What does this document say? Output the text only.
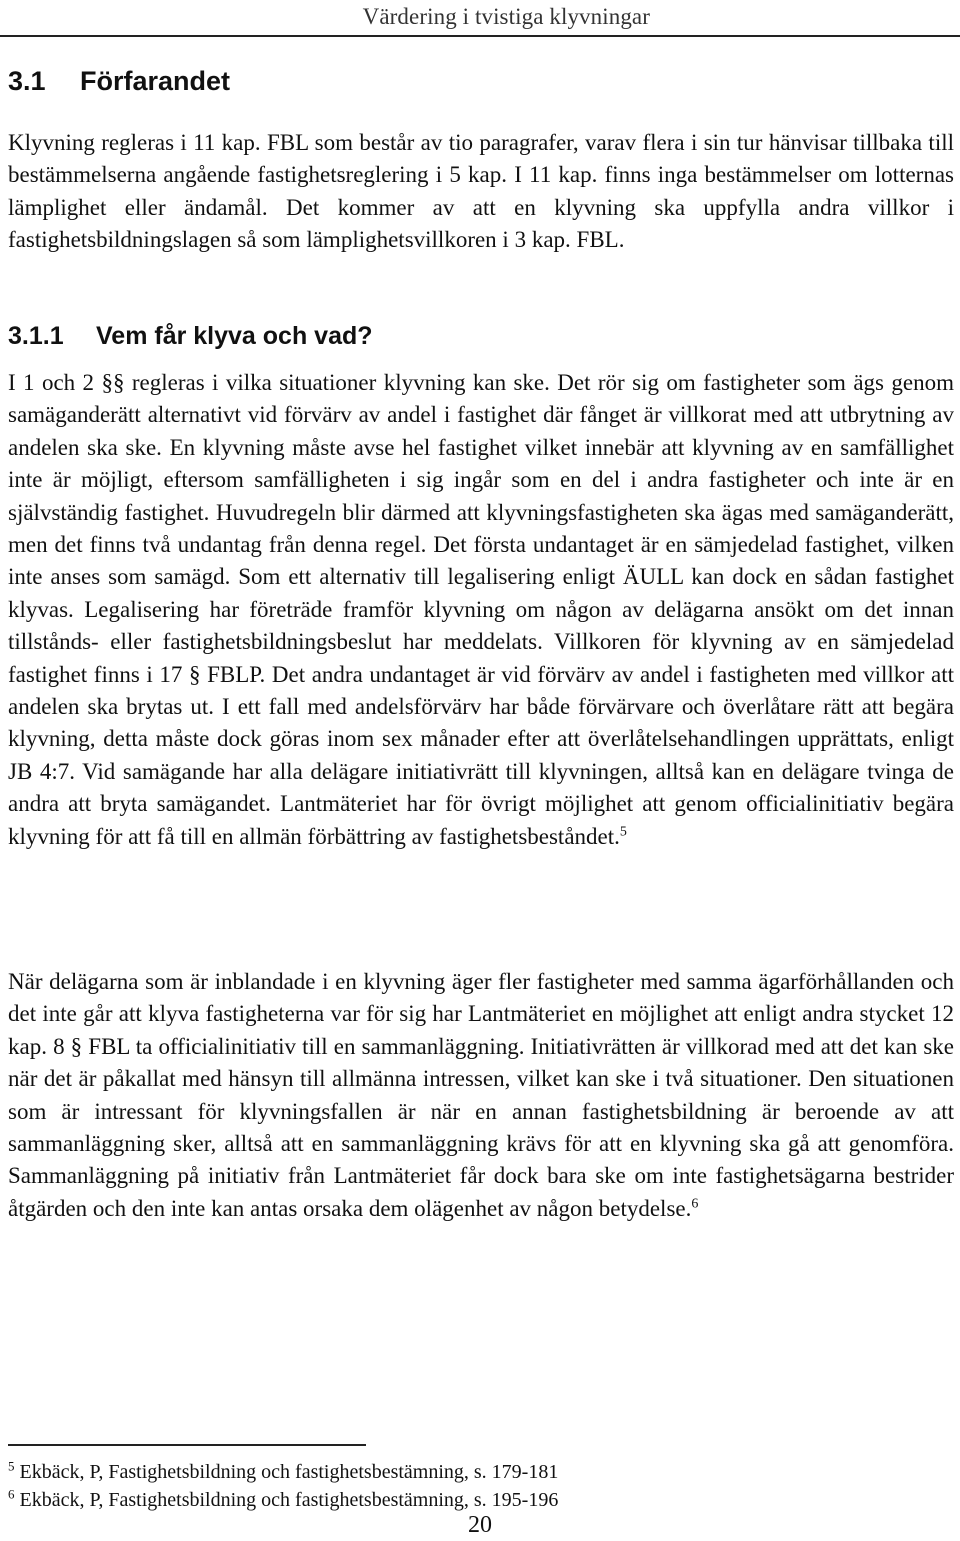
Värdering i tvistiga klyvningar
3.1 Förfarandet

Klyvning regleras i 11 kap. FBL som består av tio paragrafer, varav flera i sin tur hänvisar tillbaka till bestämmelserna angående fastighetsreglering i 5 kap. I 11 kap. finns inga bestämmelser om lotternas lämplighet eller ändamål. Det kommer av att en klyvning ska uppfylla andra villkor i fastighetsbildningslagen så som lämplighetsvillkoren i 3 kap. FBL.

3.1.1 Vem får klyva och vad?

I 1 och 2 §§ regleras i vilka situationer klyvning kan ske. Det rör sig om fastigheter som ägs genom samäganderätt alternativt vid förvärv av andel i fastighet där fånget är villkorat med att utbrytning av andelen ska ske. En klyvning måste avse hel fastighet vilket innebär att klyvning av en samfällighet inte är möjligt, eftersom samfälligheten i sig ingår som en del i andra fastigheter och inte är en självständig fastighet. Huvudregeln blir därmed att klyvningsfastigheten ska ägas med samäganderätt, men det finns två undantag från denna regel. Det första undantaget är en sämjedelad fastighet, vilken inte anses som samägd. Som ett alternativ till legalisering enligt ÄULL kan dock en sådan fastighet klyvas. Legalisering har företräde framför klyvning om någon av delägarna ansökt om det innan tillstånds- eller fastighetsbildningsbeslut har meddelats. Villkoren för klyvning av en sämjedelad fastighet finns i 17 § FBLP. Det andra undantaget är vid förvärv av andel i fastigheten med villkor att andelen ska brytas ut. I ett fall med andelsförvärv har både förvärvare och överlåtare rätt att begära klyvning, detta måste dock göras inom sex månader efter att överlåtelsehandlingen upprättats, enligt JB 4:7. Vid samägande har alla delägare initiativrätt till klyvningen, alltså kan en delägare tvinga de andra att bryta samägandet. Lantmäteriet har för övrigt möjlighet att genom officialinitiativ begära klyvning för att få till en allmän förbättring av fastighetsbeståndet.$^5$

När delägarna som är inblandade i en klyvning äger fler fastigheter med samma ägarförhållanden och det inte går att klyva fastigheterna var för sig har Lantmäteriet en möjlighet att enligt andra stycket 12 kap. 8 § FBL ta officialinitiativ till en sammanläggning. Initiativrätten är villkorad med att det kan ske när det är påkallat med hänsyn till allmänna intressen, vilket kan ske i två situationer. Den situationen som är intressant för klyvningsfallen är när en annan fastighetsbildning är beroende av att sammanläggning sker, alltså att en sammanläggning krävs för att en klyvning ska gå att genomföra. Sammanläggning på initiativ från Lantmäteriet får dock bara ske om inte fastighetsägarna bestrider åtgärden och den inte kan antas orsaka dem olägenhet av någon betydelse.$^6$

$^5$ Ekbäck, P, Fastighetsbildning och fastighetsbestämning, s. 179-181
$^6$ Ekbäck, P, Fastighetsbildning och fastighetsbestämning, s. 195-196
20
